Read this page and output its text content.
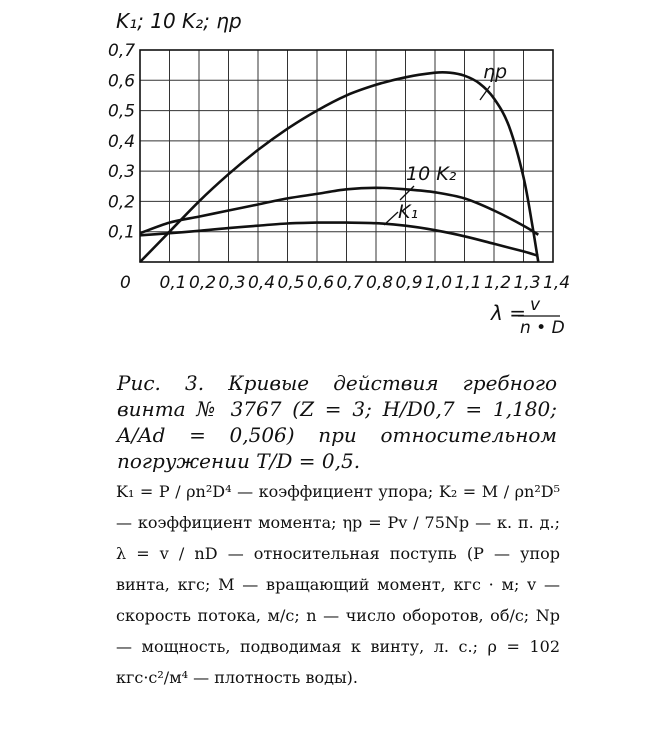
0,7
0,6
0,5
0,4
0,3
0,2
0,1
0 0,1 0,2 0,3 0,4 0,5 0,6 0,7 0,8 0,9 1,0 1,1 1,2 1,3 1,4
K₁; 10 K₂; ηp
λ = v
n • D
ηp
10 K₂
K₁

Рис. 3. Кривые действия гребного винта № 3767 (Z = 3; H/D0,7 = 1,180; A/Ad = 0,506) при относительном погружении T/D = 0,5.

K₁ = P / ρn²D⁴ — коэффициент упора; K₂ = M / ρn²D⁵ — коэффициент момента; ηp = Pv / 75Np — к. п. д.; λ = v / nD — относительная поступь (P — упор винта, кгс; M — вращающий момент, кгс · м; v — скорость потока, м/с; n — число оборотов, об/с; Np — мощность, подводимая к винту, л. с.; ρ = 102 кгс·с²/м⁴ — плотность воды).
